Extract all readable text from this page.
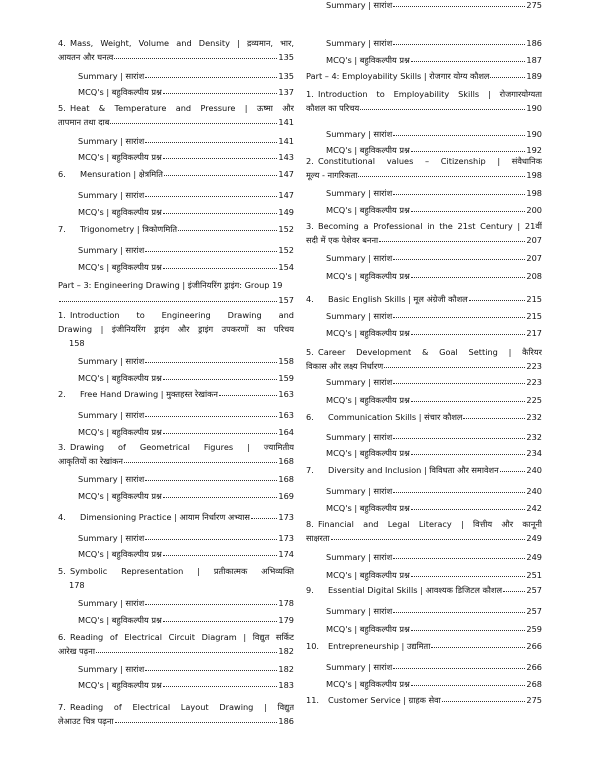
4. Mass, Weight, Volume and Density | द्रव्यमान, भार,
आयतन और घनत्व	135
Summary | सारांश	135
MCQ's | बहुविकल्पीय प्रश्न	137
5. Heat & Temperature and Pressure | ऊष्मा और
तापमान तथा दाब	141
Summary | सारांश	141
MCQ's | बहुविकल्पीय प्रश्न	143
6.	Mensuration | क्षेत्रमिति	147
Summary | सारांश	147
MCQ's | बहुविकल्पीय प्रश्न	149
7.	Trigonometry | त्रिकोणमिति	152
Summary | सारांश	152
MCQ's | बहुविकल्पीय प्रश्न	154
Part – 3: Engineering Drawing | इंजीनियरिंग ड्राइंग: Group 19
157
1. Introduction to Engineering Drawing and
Drawing | इंजीनियरिंग ड्राइंग और ड्राइंग उपकरणों का परिचय
158
Summary | सारांश	158
MCQ's | बहुविकल्पीय प्रश्न	159
2.	Free Hand Drawing | मुक्तहस्त रेखांकन	163
Summary | सारांश	163
MCQ's | बहुविकल्पीय प्रश्न	164
3. Drawing of Geometrical Figures | ज्यामितीय
आकृतियों का रेखांकन	168
Summary | सारांश	168
MCQ's | बहुविकल्पीय प्रश्न	169
4.	Dimensioning Practice | आयाम निर्धारण अभ्यास	173
Summary | सारांश	173
MCQ's | बहुविकल्पीय प्रश्न	174
5. Symbolic Representation | प्रतीकात्मक अभिव्यक्ति
178
Summary | सारांश	178
MCQ's | बहुविकल्पीय प्रश्न	179
6. Reading of Electrical Circuit Diagram | विद्युत सर्किट
आरेख पढ़ना	182
Summary | सारांश	182
MCQ's | बहुविकल्पीय प्रश्न	183
7. Reading of Electrical Layout Drawing | विद्युत
लेआउट चित्र पढ़ना	186
Summary | सारांश	186
MCQ's | बहुविकल्पीय प्रश्न	187
Part – 4: Employability Skills | रोजगार योग्य कौशल	189
1. Introduction to Employability Skills | रोजगारयोग्यता
कौशल का परिचय	190
Summary | सारांश	190
MCQ's | बहुविकल्पीय प्रश्न	192
2. Constitutional values – Citizenship | संवैधानिक
मूल्य - नागरिकता	198
Summary | सारांश	198
MCQ's | बहुविकल्पीय प्रश्न	200
3. Becoming a Professional in the 21st Century | 21वीं
सदी में एक पेशेवर बनना	207
Summary | सारांश	207
MCQ's | बहुविकल्पीय प्रश्न	208
4.	Basic English Skills | मूल अंग्रेजी कौशल	215
Summary | सारांश	215
MCQ's | बहुविकल्पीय प्रश्न	217
5. Career Development & Goal Setting | कैरियर
विकास और लक्ष्य निर्धारण	223
Summary | सारांश	223
MCQ's | बहुविकल्पीय प्रश्न	225
6.	Communication Skills | संचार कौशल	232
Summary | सारांश	232
MCQ's | बहुविकल्पीय प्रश्न	234
7.	Diversity and Inclusion | विविधता और समावेशन	240
Summary | सारांश	240
MCQ's | बहुविकल्पीय प्रश्न	242
8. Financial and Legal Literacy | वित्तीय और कानूनी
साक्षरता	249
Summary | सारांश	249
MCQ's | बहुविकल्पीय प्रश्न	251
9.	Essential Digital Skills | आवश्यक डिजिटल कौशल	257
Summary | सारांश	257
MCQ's | बहुविकल्पीय प्रश्न	259
10.	Entrepreneurship | उद्यमिता	266
Summary | सारांश	266
MCQ's | बहुविकल्पीय प्रश्न	268
11.	Customer Service | ग्राहक सेवा	275
Summary | सारांश	275
